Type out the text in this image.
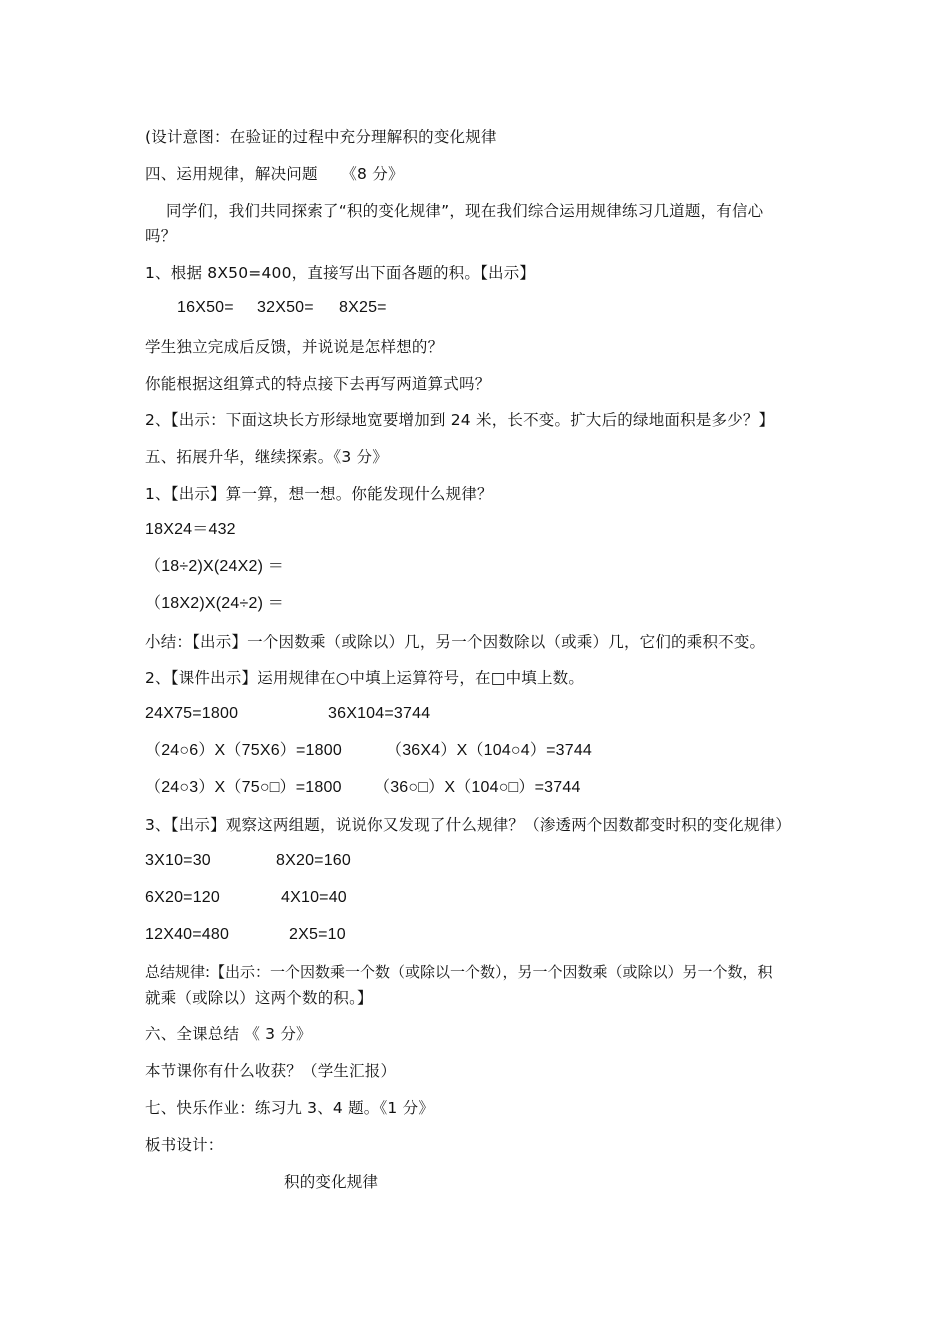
(设计意图：在验证的过程中充分理解积的变化规律
四、运用规律，解决问题　　《8 分》
同学们，我们共同探索了“积的变化规律”，现在我们综合运用规律练习几道题，有信心
吗？
1、根据 8X50=400，直接写出下面各题的积。【出示】
16X50= 32X50= 8X25=
学生独立完成后反馈，并说说是怎样想的？
你能根据这组算式的特点接下去再写两道算式吗？
2、【出示：下面这块长方形绿地宽要增加到 24 米，长不变。扩大后的绿地面积是多少？】
五、拓展升华，继续探索。《3 分》
1、【出示】算一算，想一想。你能发现什么规律？
18X24＝432
（18÷2)X(24X2) ＝
（18X2)X(24÷2) ＝
小结：【出示】一个因数乘（或除以）几，另一个因数除以（或乘）几，它们的乘积不变。
2、【课件出示】运用规律在○中填上运算符号，在□中填上数。
24X75=1800	36X104=3744
（24○6）X（75X6）=1800	（36X4）X（104○4）=3744
（24○3）X（75○□）=1800 （36○□）X（104○□）=3744
3、【出示】观察这两组题，说说你又发现了什么规律？（渗透两个因数都变时积的变化规律）
3X10=30	8X20=160
6X20=120	4X10=40
12X40=480	2X5=10
总结规律:【出示：一个因数乘一个数（或除以一个数），另一个因数乘（或除以）另一个数，积
就乘（或除以）这两个数的积。】
六、全课总结 《 3 分》
本节课你有什么收获？（学生汇报）
七、快乐作业：练习九 3、4 题。《1 分》
板书设计：
积的变化规律
